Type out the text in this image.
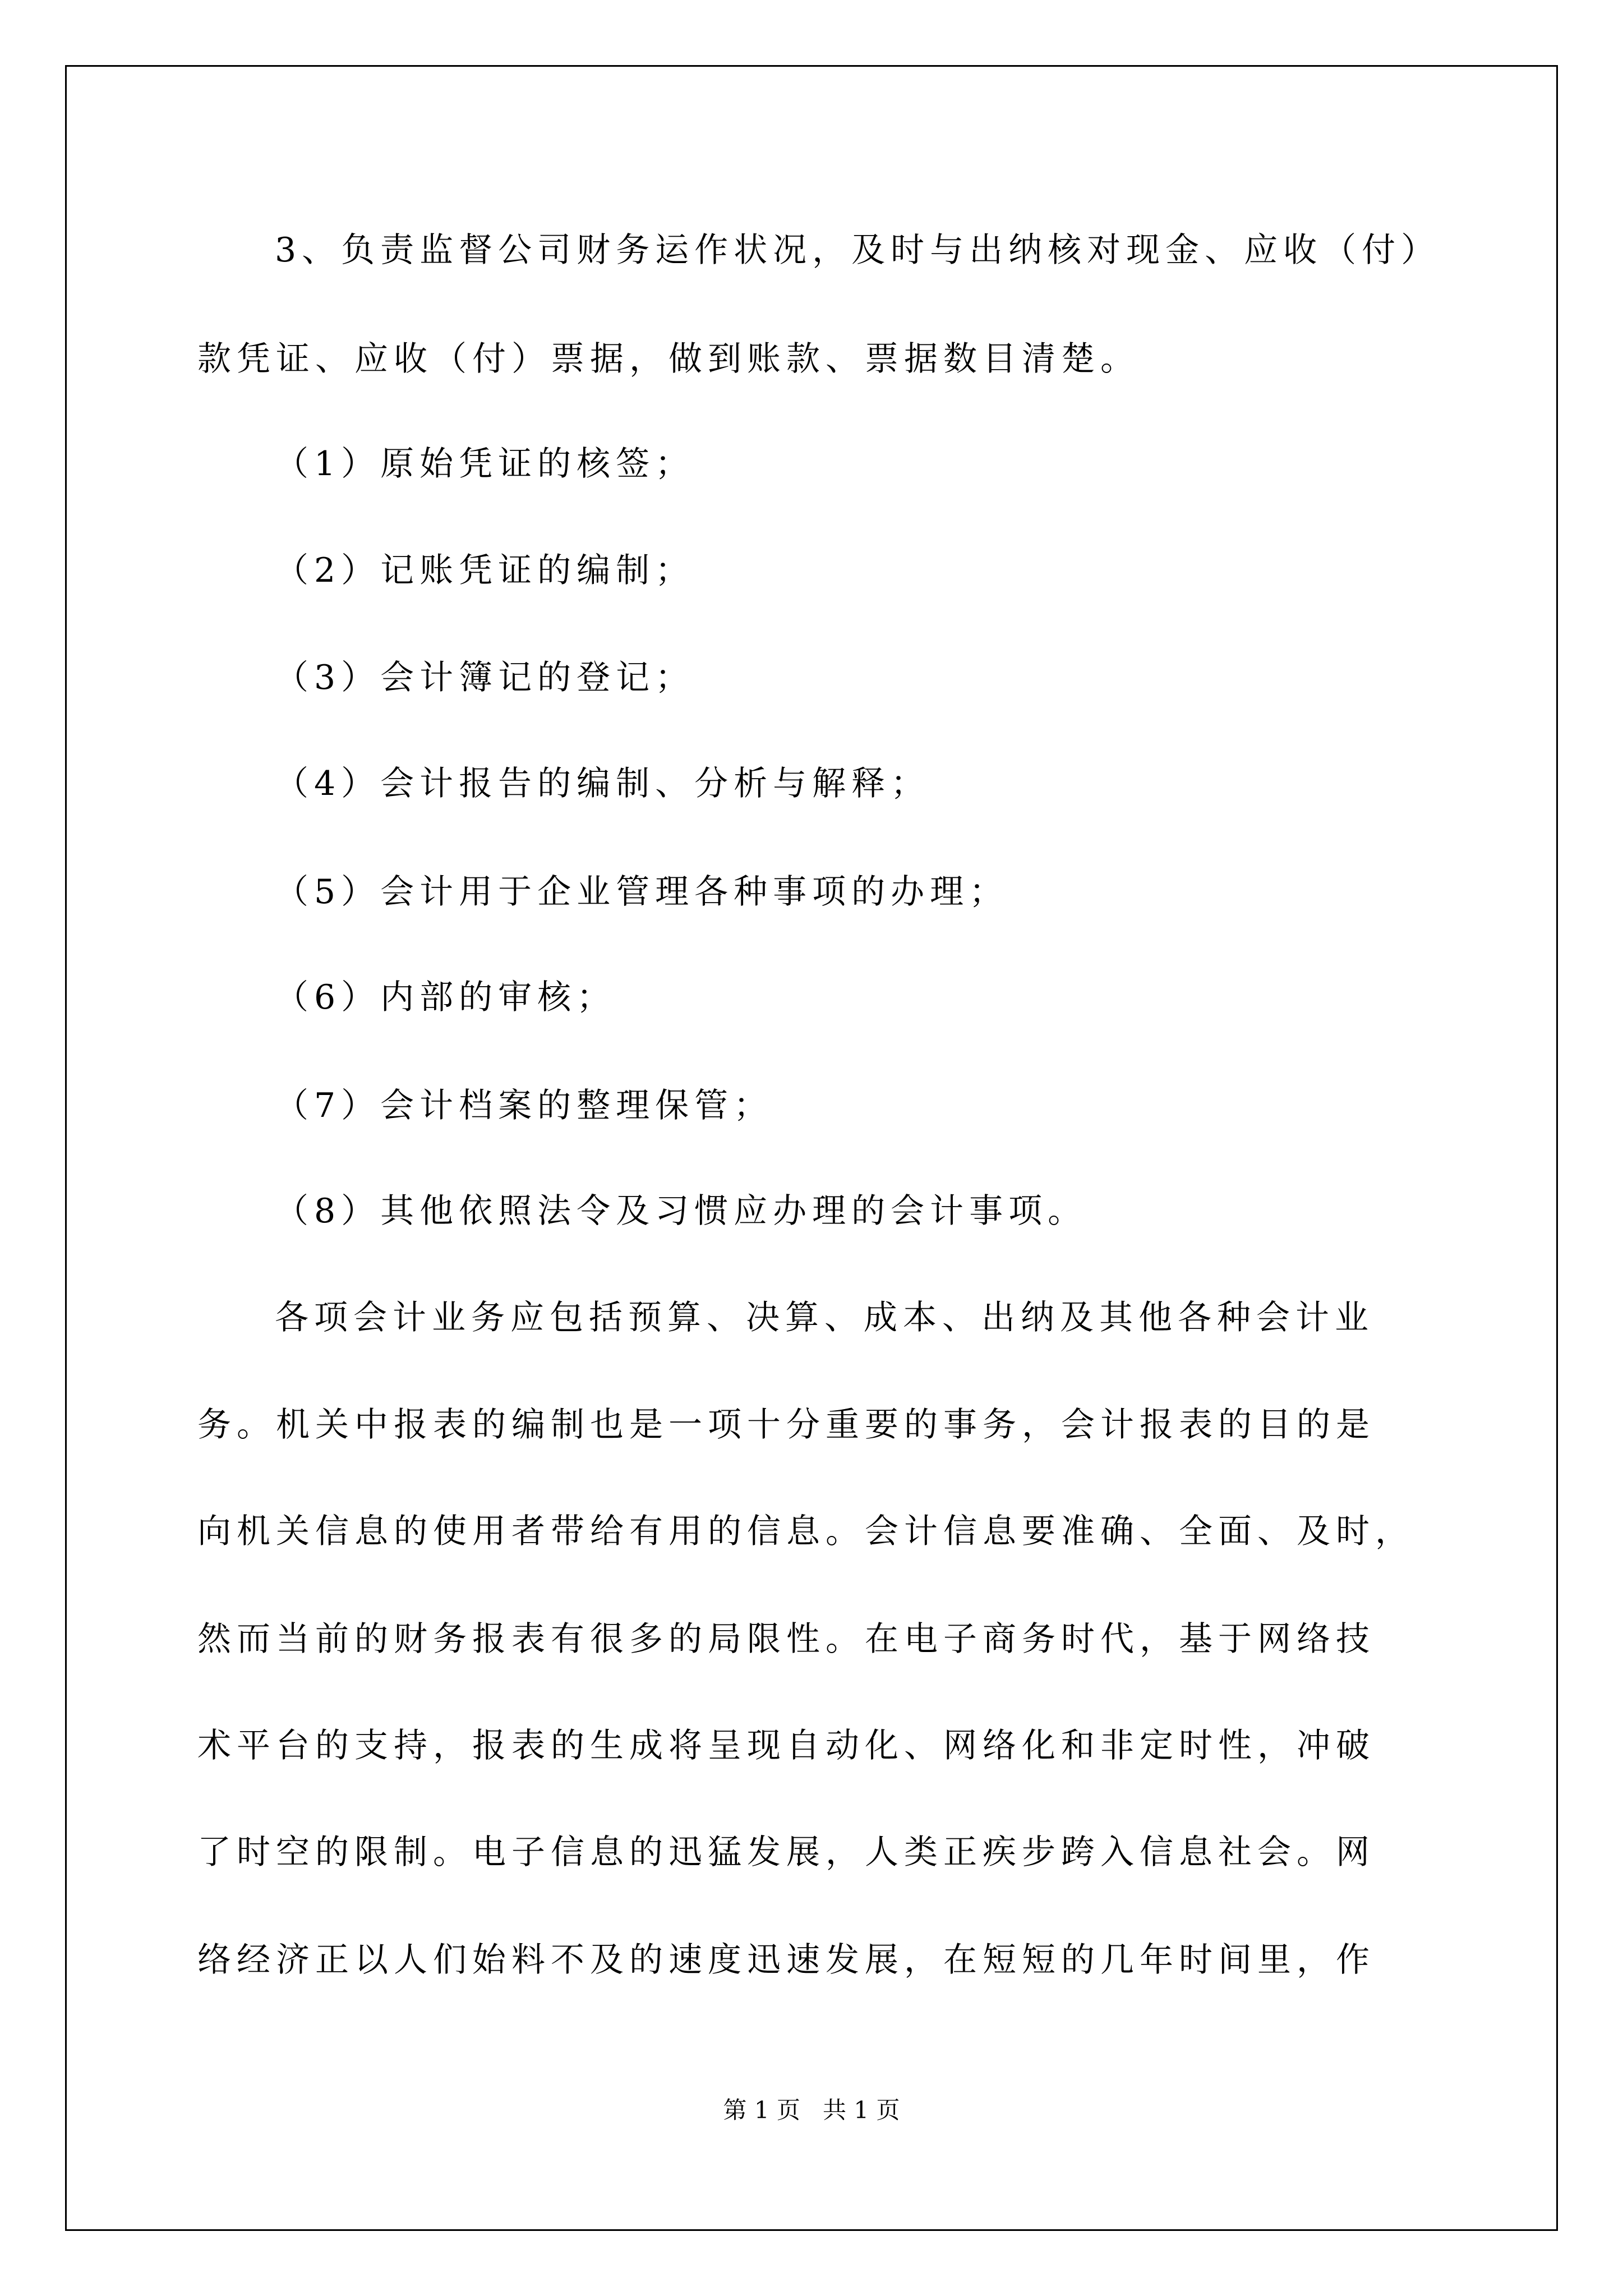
3、负责监督公司财务运作状况，及时与出纳核对现金、应收（付）
款凭证、应收（付）票据，做到账款、票据数目清楚。
（1）原始凭证的核签；
（2）记账凭证的编制；
（3）会计簿记的登记；
（4）会计报告的编制、分析与解释；
（5）会计用于企业管理各种事项的办理；
（6）内部的审核；
（7）会计档案的整理保管；
（8）其他依照法令及习惯应办理的会计事项。
各项会计业务应包括预算、决算、成本、出纳及其他各种会计业
务。机关中报表的编制也是一项十分重要的事务，会计报表的目的是
向机关信息的使用者带给有用的信息。会计信息要准确、全面、及时，
然而当前的财务报表有很多的局限性。在电子商务时代，基于网络技
术平台的支持，报表的生成将呈现自动化、网络化和非定时性，冲破
了时空的限制。电子信息的迅猛发展，人类正疾步跨入信息社会。网
络经济正以人们始料不及的速度迅速发展，在短短的几年时间里，作
第 1 页   共 1 页
